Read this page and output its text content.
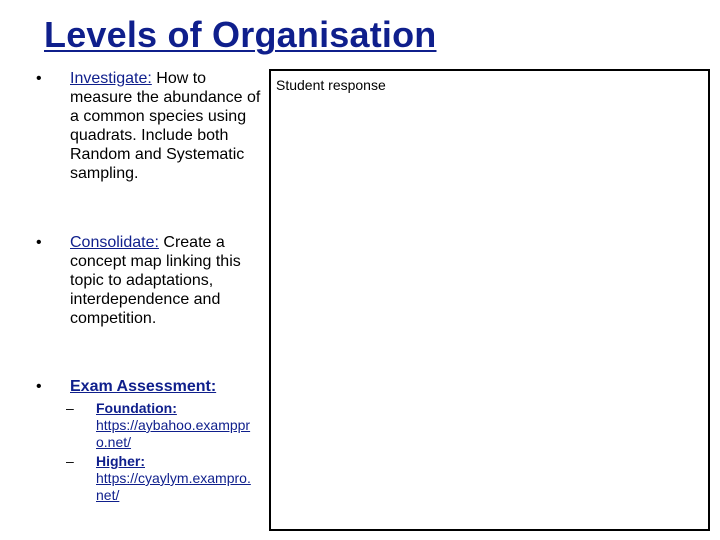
Levels of Organisation
• Investigate: How to measure the abundance of a common species using quadrats. Include both Random and Systematic sampling.
• Consolidate: Create a concept map linking this topic to adaptations, interdependence and competition.
• Exam Assessment:
– Foundation:
https://aybahoo.examppro.net/
– Higher:
https://cyaylym.exampro.net/
Student response
